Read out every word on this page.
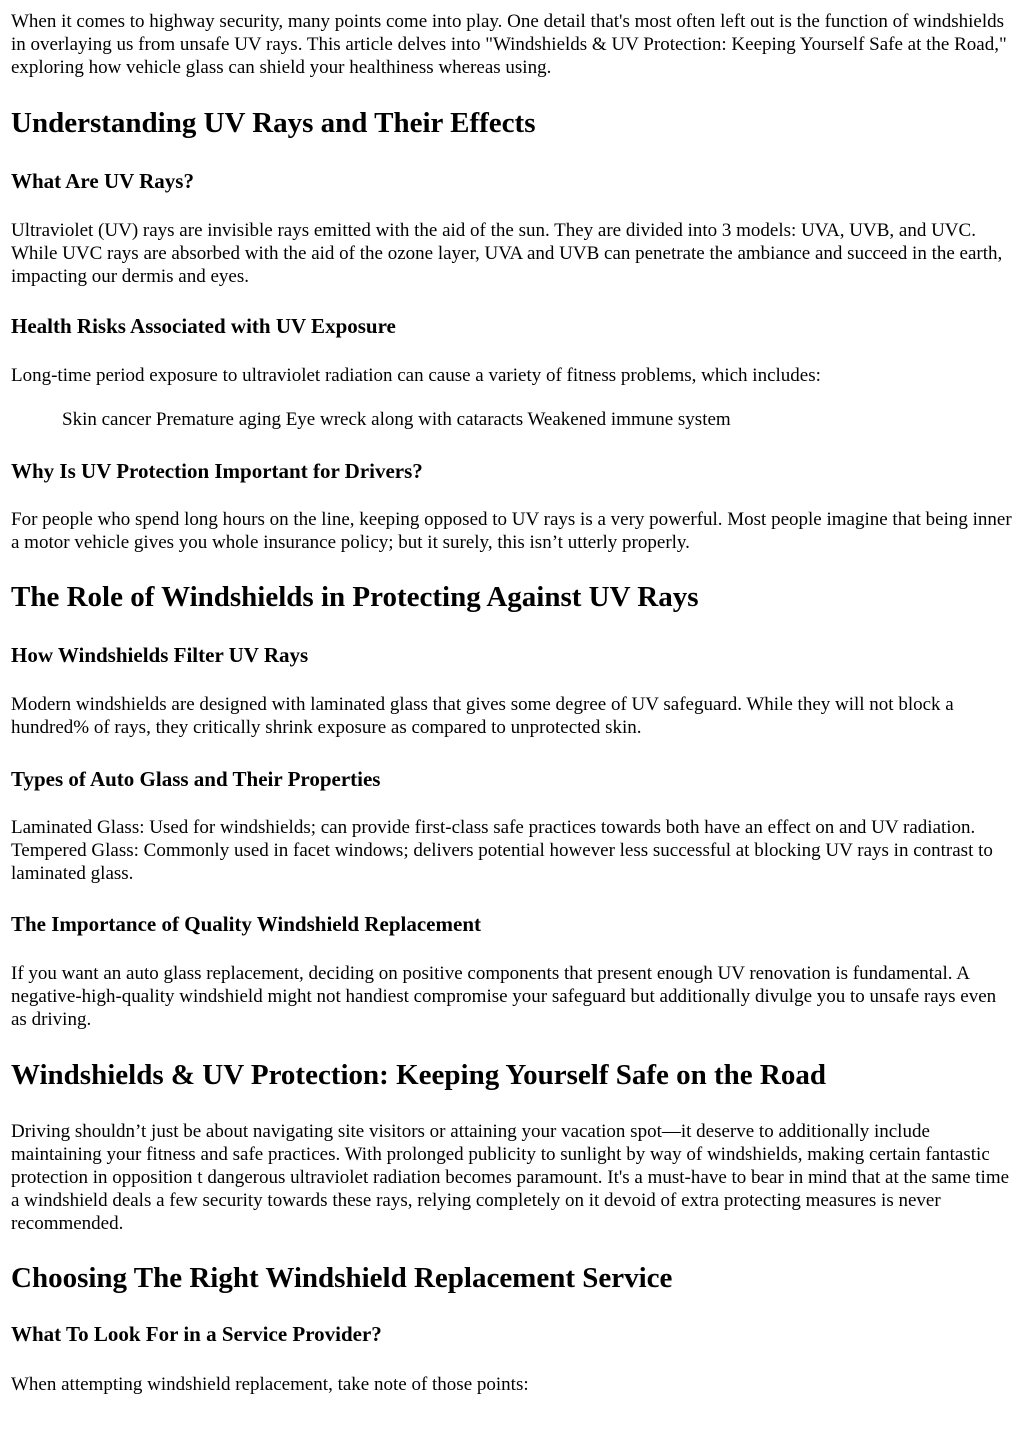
When it comes to highway security, many points come into play. One detail that's most often left out is the function of windshields in overlaying us from unsafe UV rays. This article delves into "Windshields & UV Protection: Keeping Yourself Safe at the Road," exploring how vehicle glass can shield your healthiness whereas using.

Understanding UV Rays and Their Effects
What Are UV Rays?

Ultraviolet (UV) rays are invisible rays emitted with the aid of the sun. They are divided into 3 models: UVA, UVB, and UVC. While UVC rays are absorbed with the aid of the ozone layer, UVA and UVB can penetrate the ambiance and succeed in the earth, impacting our dermis and eyes.

Health Risks Associated with UV Exposure

Long-time period exposure to ultraviolet radiation can cause a variety of fitness problems, which includes:

Skin cancer Premature aging Eye wreck along with cataracts Weakened immune system

Why Is UV Protection Important for Drivers?

For people who spend long hours on the line, keeping opposed to UV rays is a very powerful. Most people imagine that being inner a motor vehicle gives you whole insurance policy; but it surely, this isn’t utterly properly.

The Role of Windshields in Protecting Against UV Rays
How Windshields Filter UV Rays

Modern windshields are designed with laminated glass that gives some degree of UV safeguard. While they will not block a hundred% of rays, they critically shrink exposure as compared to unprotected skin.

Types of Auto Glass and Their Properties

Laminated Glass: Used for windshields; can provide first-class safe practices towards both have an effect on and UV radiation. Tempered Glass: Commonly used in facet windows; delivers potential however less successful at blocking UV rays in contrast to laminated glass.

The Importance of Quality Windshield Replacement

If you want an auto glass replacement, deciding on positive components that present enough UV renovation is fundamental. A negative-high-quality windshield might not handiest compromise your safeguard but additionally divulge you to unsafe rays even as driving.

Windshields & UV Protection: Keeping Yourself Safe on the Road

Driving shouldn’t just be about navigating site visitors or attaining your vacation spot—it deserve to additionally include maintaining your fitness and safe practices. With prolonged publicity to sunlight by way of windshields, making certain fantastic protection in opposition t dangerous ultraviolet radiation becomes paramount. It's a must-have to bear in mind that at the same time a windshield deals a few security towards these rays, relying completely on it devoid of extra protecting measures is never recommended.

Choosing The Right Windshield Replacement Service
What To Look For in a Service Provider?

When attempting windshield replacement, take note of those points:
